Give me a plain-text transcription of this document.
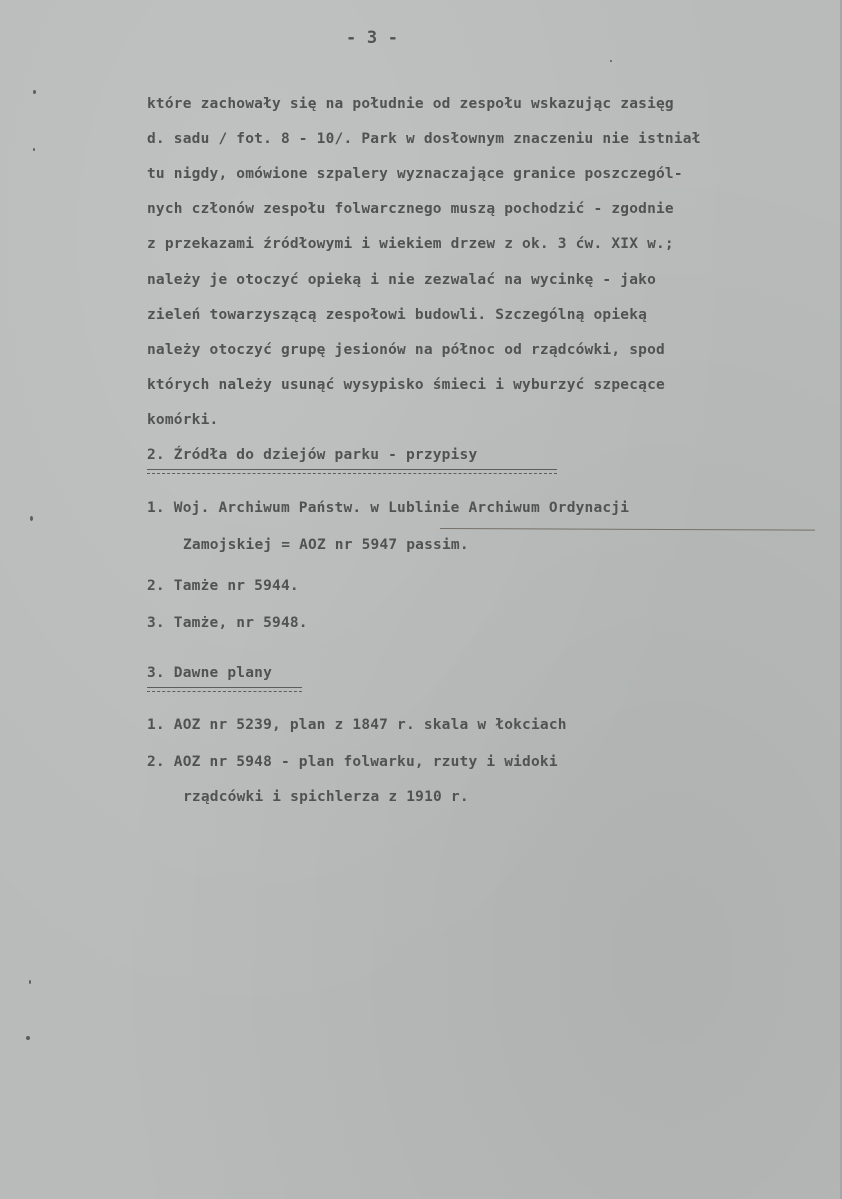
- 3 -
które zachowały się na południe od zespołu wskazując zasięg
d. sadu / fot. 8 - 10/. Park w dosłownym znaczeniu nie istniał
tu nigdy, omówione szpalery wyznaczające granice poszczegól-
nych członów zespołu folwarcznego muszą pochodzić - zgodnie
z przekazami źródłowymi i wiekiem drzew z ok. 3 ćw. XIX w.;
należy je otoczyć opieką i nie zezwalać na wycinkę - jako
zieleń towarzyszącą zespołowi budowli. Szczególną opieką
należy otoczyć grupę jesionów na północ od rządcówki, spod
których należy usunąć wysypisko śmieci i wyburzyć szpecące
komórki.
2. Źródła do dziejów parku - przypisy
1. Woj. Archiwum Państw. w Lublinie Archiwum Ordynacji
Zamojskiej = AOZ nr 5947 passim.
2. Tamże nr 5944.
3. Tamże, nr 5948.
3. Dawne plany
1. AOZ nr 5239, plan z 1847 r. skala w łokciach
2. AOZ nr 5948 - plan folwarku, rzuty i widoki
rządcówki i spichlerza z 1910 r.
